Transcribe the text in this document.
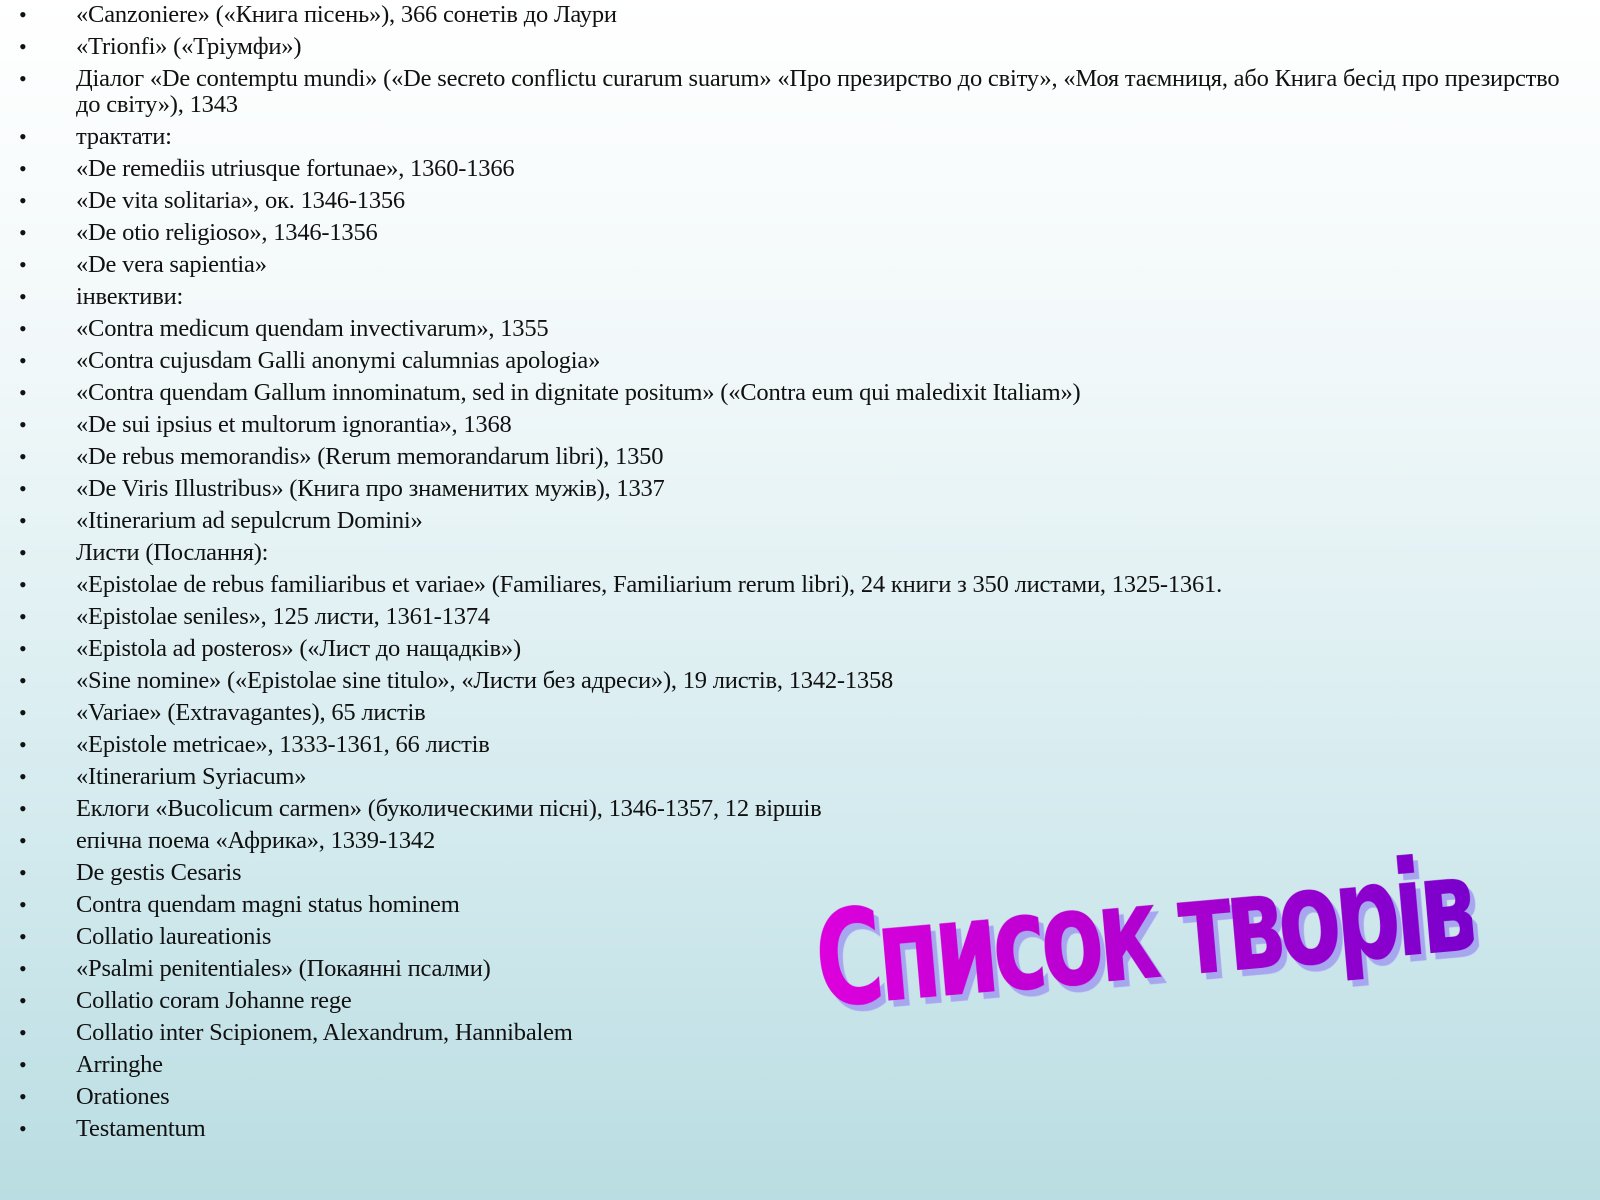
• «Canzoniere» («Книга пісень»), 366 сонетів до Лаури
• «Trionfi» («Тріумфи»)
• Діалог «De contemptu mundi» («De secreto conflictu curarum suarum» «Про презирство до світу», «Моя таємниця, або Книга бесід про презирство до світу»), 1343
• трактати:
• «De remediis utriusque fortunae», 1360-1366
• «De vita solitaria», ок. 1346-1356
• «De otio religioso», 1346-1356
• «De vera sapientia»
• інвективи:
• «Contra medicum quendam invectivarum», 1355
• «Contra cujusdam Galli anonymi calumnias apologia»
• «Contra quendam Gallum innominatum, sed in dignitate positum» («Contra eum qui maledixit Italiam»)
• «De sui ipsius et multorum ignorantia», 1368
• «De rebus memorandis» (Rerum memorandarum libri), 1350
• «De Viris Illustribus» (Книга про знаменитих мужів), 1337
• «Itinerarium ad sepulcrum Domini»
• Листи (Послання):
• «Epistolae de rebus familiaribus et variae» (Familiares, Familiarium rerum libri), 24 книги з 350 листами, 1325-1361.
• «Epistolae seniles», 125 листи, 1361-1374
• «Epistola ad posteros» («Лист до нащадків»)
• «Sine nomine» («Epistolae sine titulo», «Листи без адреси»), 19 листів, 1342-1358
• «Variae» (Extravagantes), 65 листів
• «Epistole metricae», 1333-1361, 66 листів
• «Itinerarium Syriacum»
• Еклоги «Bucolicum carmen» (буколическими пісні), 1346-1357, 12 віршів
• епічна поема «Африка», 1339-1342
• De gestis Cesaris
• Contra quendam magni status hominem
• Collatio laureationis
• «Psalmi penitentiales» (Покаянні псалми)
• Collatio coram Johanne rege
• Collatio inter Scipionem, Alexandrum, Hannibalem
• Arringhe
• Orationes
• Testamentum
Список творів
